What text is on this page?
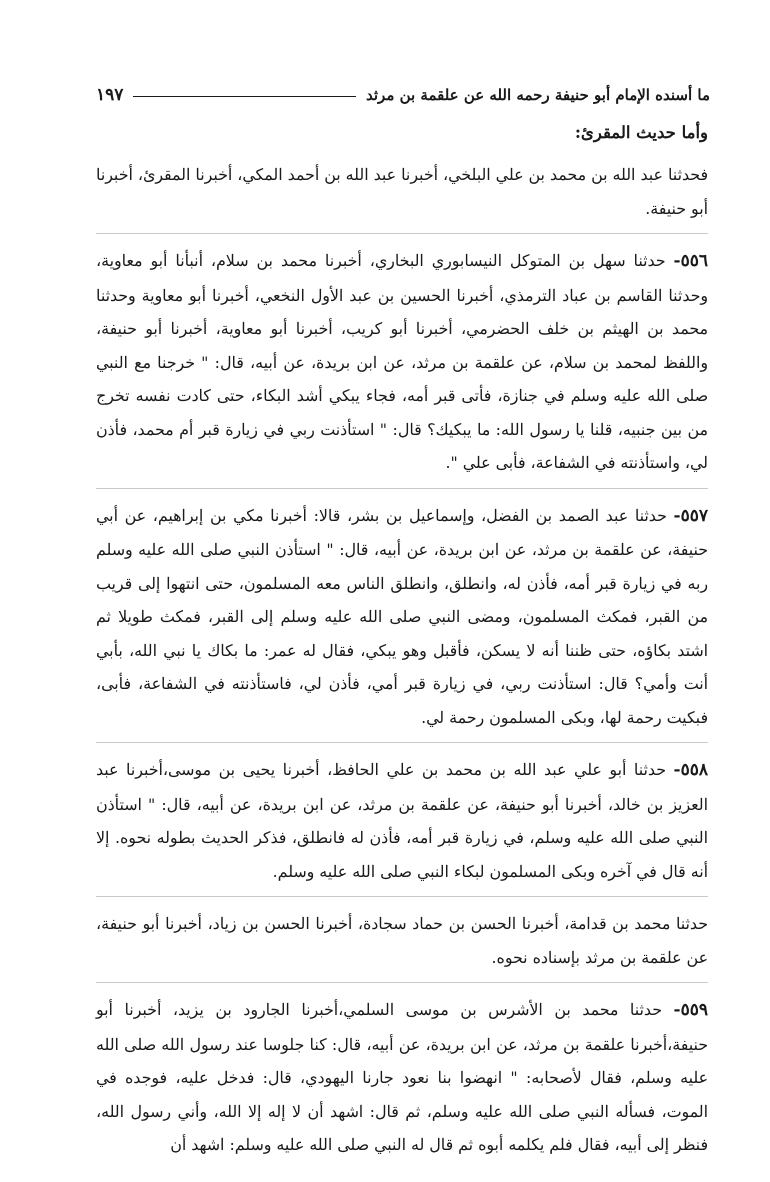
ما أسنده الإمام أبو حنيفة رحمه الله عن علقمة بن مرثد
١٩٧
وأما حديث المقرئ:

فحدثنا عبد الله بن محمد بن علي البلخي، أخبرنا عبد الله بن أحمد المكي، أخبرنا المقرئ، أخبرنا أبو حنيفة.

٥٥٦- حدثنا سهل بن المتوكل النيسابوري البخاري، أخبرنا محمد بن سلام، أنبأنا أبو معاوية، وحدثنا القاسم بن عباد الترمذي، أخبرنا الحسين بن عبد الأول النخعي، أخبرنا أبو معاوية وحدثنا محمد بن الهيثم بن خلف الحضرمي، أخبرنا أبو كريب، أخبرنا أبو معاوية، أخبرنا أبو حنيفة، واللفظ لمحمد بن سلام، عن علقمة بن مرثد، عن ابن بريدة، عن أبيه، قال: " خرجنا مع النبي صلى الله عليه وسلم في جنازة، فأتى قبر أمه، فجاء يبكي أشد البكاء، حتى كادت نفسه تخرج من بين جنبيه، قلنا يا رسول الله: ما يبكيك؟ قال: " استأذنت ربي في زيارة قبر أم محمد، فأذن لي، واستأذنته في الشفاعة، فأبى علي ".

٥٥٧- حدثنا عبد الصمد بن الفضل، وإسماعيل بن بشر، قالا: أخبرنا مكي بن إبراهيم، عن أبي حنيفة، عن علقمة بن مرثد، عن ابن بريدة، عن أبيه، قال: " استأذن النبي صلى الله عليه وسلم ربه في زيارة قبر أمه، فأذن له، وانطلق، وانطلق الناس معه المسلمون، حتى انتهوا إلى قريب من القبر، فمكث المسلمون، ومضى النبي صلى الله عليه وسلم إلى القبر، فمكث طويلا ثم اشتد بكاؤه، حتى ظننا أنه لا يسكن، فأقبل وهو يبكي، فقال له عمر: ما بكاك يا نبي الله، بأبي أنت وأمي؟ قال: استأذنت ربي، في زيارة قبر أمي، فأذن لي، فاستأذنته في الشفاعة، فأبى، فبكيت رحمة لها، وبكى المسلمون رحمة لي.

٥٥٨- حدثنا أبو علي عبد الله بن محمد بن علي الحافظ، أخبرنا يحيى بن موسى،أخبرنا عبد العزيز بن خالد، أخبرنا أبو حنيفة، عن علقمة بن مرثد، عن ابن بريدة، عن أبيه، قال: " استأذن النبي صلى الله عليه وسلم، في زيارة قبر أمه، فأذن له فانطلق، فذكر الحديث بطوله نحوه. إلا أنه قال في آخره وبكى المسلمون لبكاء النبي صلى الله عليه وسلم.

حدثنا محمد بن قدامة، أخبرنا الحسن بن حماد سجادة، أخبرنا الحسن بن زياد، أخبرنا أبو حنيفة، عن علقمة بن مرثد بإسناده نحوه.

٥٥٩- حدثنا محمد بن الأشرس بن موسى السلمي،أخبرنا الجارود بن يزيد، أخبرنا أبو حنيفة،أخبرنا علقمة بن مرثد، عن ابن بريدة، عن أبيه، قال: كنا جلوسا عند رسول الله صلى الله عليه وسلم، فقال لأصحابه: " انهضوا بنا نعود جارنا اليهودي، قال: فدخل عليه، فوجده في الموت، فسأله النبي صلى الله عليه وسلم، ثم قال: اشهد أن لا إله إلا الله، وأني رسول الله، فنظر إلى أبيه، فقال فلم يكلمه أبوه ثم قال له النبي صلى الله عليه وسلم: اشهد أن
